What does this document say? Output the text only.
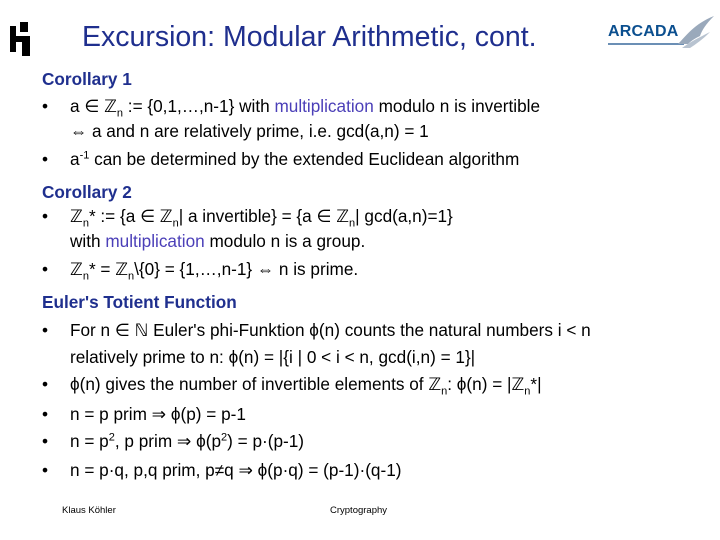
Excursion: Modular Arithmetic, cont.	ARCADA
Corollary 1
• a ∈ ℤ$_n$ := {0,1,…,n-1} with multiplication modulo n is invertible
⇔ a and n are relatively prime, i.e. gcd(a,n) = 1
• $a^{-1}$ can be determined by the extended Euclidean algorithm
Corollary 2
• ℤ$_n$* := {a ∈ ℤ$_n$| a invertible} = {a ∈ ℤ$_n$| gcd(a,n)=1}
with multiplication modulo n is a group.
• ℤ$_n$* = ℤ$_n$\{0} = {1,…,n-1} ⇔ n is prime.
Euler's Totient Function
• For n ∈ ℕ Euler's phi-Funktion ϕ(n) counts the natural numbers i < n
relatively prime to n: ϕ(n) = |{i | 0 < i < n, gcd(i,n) = 1}|
• ϕ(n) gives the number of invertible elements of ℤ$_n$: ϕ(n) = |ℤ$_n$*|
• n = p prim ⇒ ϕ(p) = p-1
• $n = p^2$, p prim ⇒ $\phi(p^2) = p\cdot(p-1)$
• n = p·q, p,q prim, p≠q ⇒ ϕ(p·q) = (p-1)·(q-1)
Klaus Köhler	Cryptography
